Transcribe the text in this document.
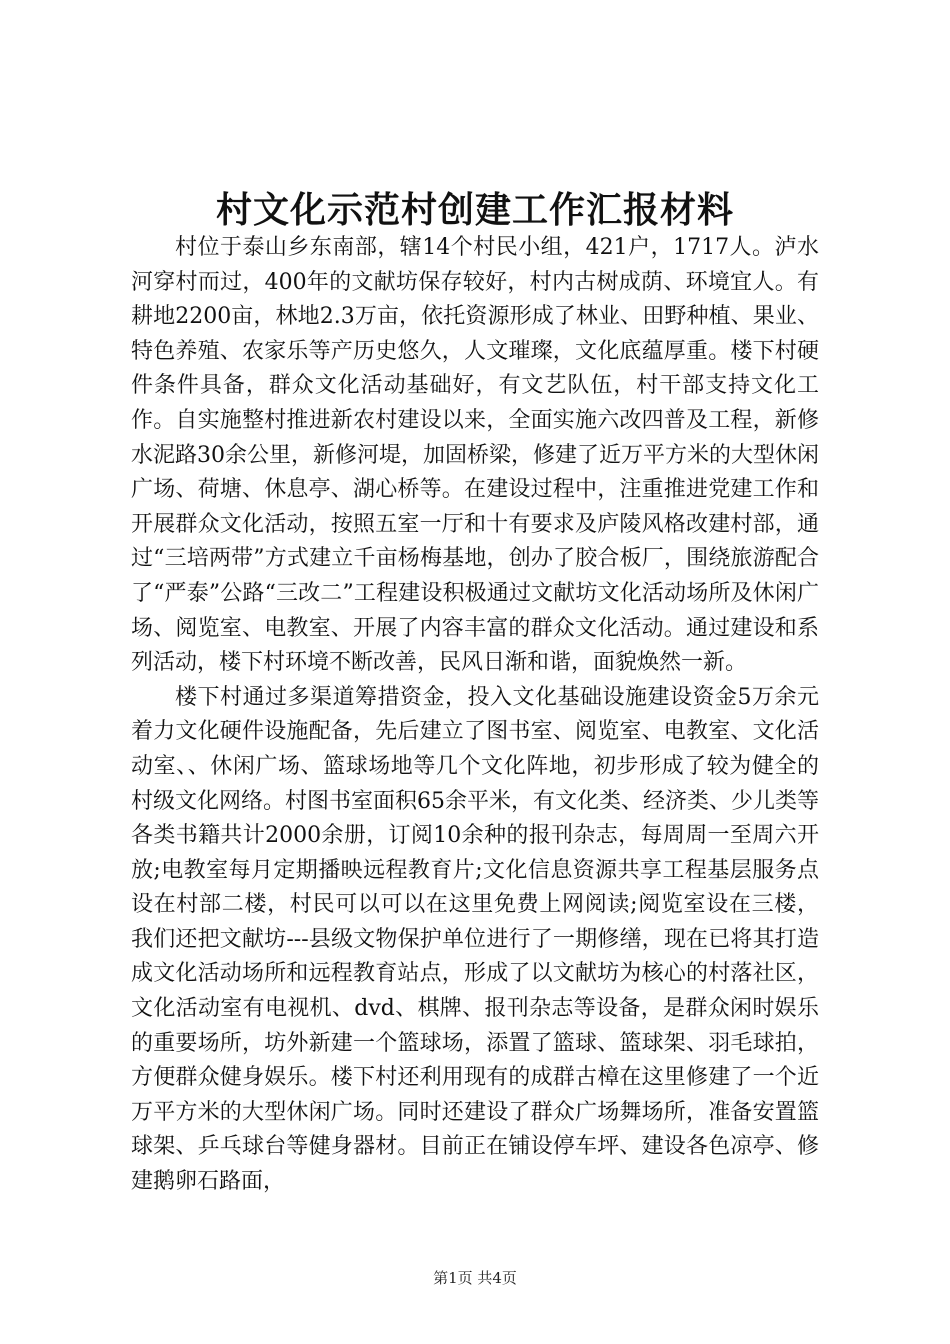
村文化示范村创建工作汇报材料

村位于泰山乡东南部，辖14个村民小组，421户，1717人。泸水河穿村而过，400年的文献坊保存较好，村内古树成荫、环境宜人。有耕地2200亩，林地2.3万亩，依托资源形成了林业、田野种植、果业、特色养殖、农家乐等产历史悠久，人文璀璨，文化底蕴厚重。楼下村硬件条件具备，群众文化活动基础好，有文艺队伍，村干部支持文化工作。自实施整村推进新农村建设以来，全面实施六改四普及工程，新修水泥路30余公里，新修河堤，加固桥梁，修建了近万平方米的大型休闲广场、荷塘、休息亭、湖心桥等。在建设过程中，注重推进党建工作和开展群众文化活动，按照五室一厅和十有要求及庐陵风格改建村部，通过“三培两带”方式建立千亩杨梅基地，创办了胶合板厂，围绕旅游配合了“严泰”公路“三改二”工程建设积极通过文献坊文化活动场所及休闲广场、阅览室、电教室、开展了内容丰富的群众文化活动。通过建设和系列活动，楼下村环境不断改善，民风日渐和谐，面貌焕然一新。

楼下村通过多渠道筹措资金，投入文化基础设施建设资金5万余元着力文化硬件设施配备，先后建立了图书室、阅览室、电教室、文化活动室、、休闲广场、篮球场地等几个文化阵地，初步形成了较为健全的村级文化网络。村图书室面积65余平米，有文化类、经济类、少儿类等各类书籍共计2000余册，订阅10余种的报刊杂志，每周周一至周六开放;电教室每月定期播映远程教育片;文化信息资源共享工程基层服务点设在村部二楼，村民可以可以在这里免费上网阅读;阅览室设在三楼，我们还把文献坊---县级文物保护单位进行了一期修缮，现在已将其打造成文化活动场所和远程教育站点，形成了以文献坊为核心的村落社区，文化活动室有电视机、dvd、棋牌、报刊杂志等设备，是群众闲时娱乐的重要场所，坊外新建一个篮球场，添置了篮球、篮球架、羽毛球拍，方便群众健身娱乐。楼下村还利用现有的成群古樟在这里修建了一个近万平方米的大型休闲广场。同时还建设了群众广场舞场所，准备安置篮球架、乒乓球台等健身器材。目前正在铺设停车坪、建设各色凉亭、修建鹅卵石路面，

第1页 共4页
